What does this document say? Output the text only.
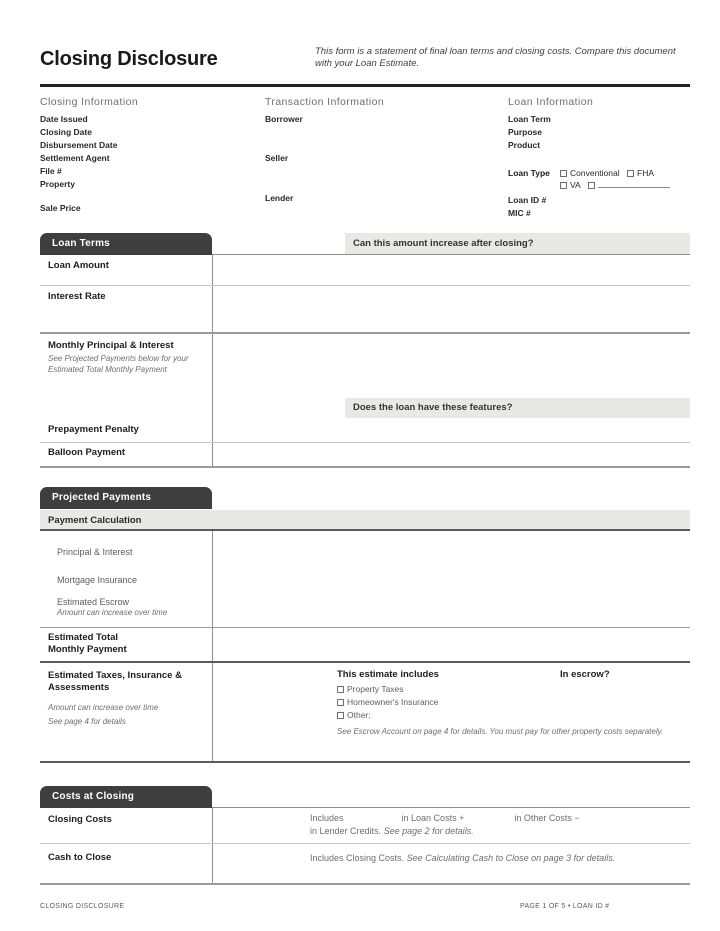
Closing Disclosure	This form is a statement of final loan terms and closing costs. Compare this document with your Loan Estimate.
Closing Information
Date Issued
Closing Date
Disbursement Date
Settlement Agent
File #
Property
Sale Price
Transaction Information
Borrower
Seller
Lender
Loan Information
Loan Term
Purpose
Product
Loan Type	Conventional FHA
VA
Loan ID #
MIC #
Loan Terms	Can this amount increase after closing?
Loan Amount
Interest Rate
Monthly Principal & Interest
See Projected Payments below for your Estimated Total Monthly Payment
Does the loan have these features?
Prepayment Penalty
Balloon Payment
Projected Payments
Payment Calculation
Principal & Interest
Mortgage Insurance
Estimated Escrow
Amount can increase over time
Estimated Total Monthly Payment
Estimated Taxes, Insurance & Assessments
Amount can increase over time
See page 4 for details
This estimate includes	In escrow?
Property Taxes
Homeowner's Insurance
Other:
See Escrow Account on page 4 for details. You must pay for other property costs separately.
Costs at Closing
Closing Costs	Includes	in Loan Costs +	in Other Costs −
in Lender Credits. See page 2 for details.
Cash to Close	Includes Closing Costs. See Calculating Cash to Close on page 3 for details.
CLOSING DISCLOSURE	PAGE 1 OF 5 • LOAN ID #
